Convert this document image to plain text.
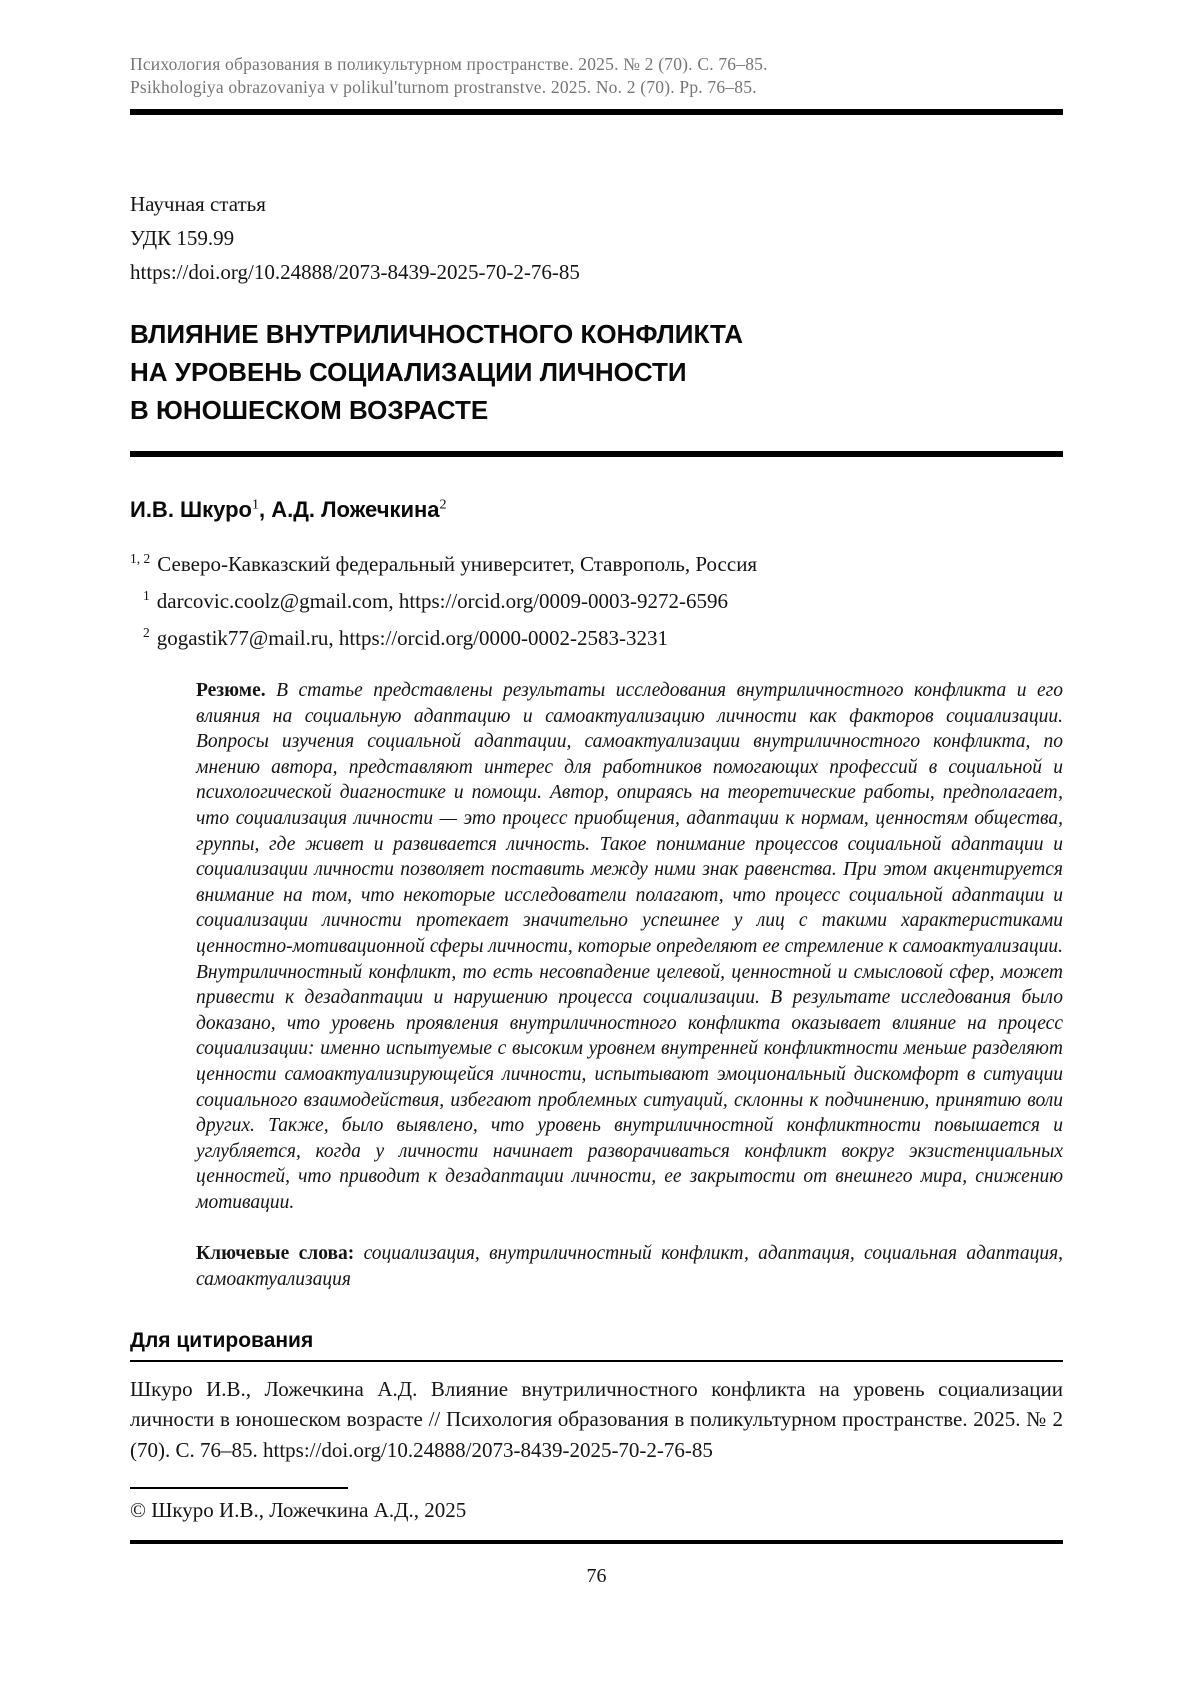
Психология образования в поликультурном пространстве. 2025. № 2 (70). С. 76–85.
Psikhologiya obrazovaniya v polikul'turnom prostranstve. 2025. No. 2 (70). Pp. 76–85.
Научная статья
УДК 159.99
https://doi.org/10.24888/2073-8439-2025-70-2-76-85
ВЛИЯНИЕ ВНУТРИЛИЧНОСТНОГО КОНФЛИКТА
НА УРОВЕНЬ СОЦИАЛИЗАЦИИ ЛИЧНОСТИ
В ЮНОШЕСКОМ ВОЗРАСТЕ
И.В. Шкуро$^1$, А.Д. Ложечкина$^2$
$^{1, 2}$ Северо-Кавказский федеральный университет, Ставрополь, Россия
$^1$ darcovic.coolz@gmail.com, https://orcid.org/0009-0003-9272-6596
$^2$ gogastik77@mail.ru, https://orcid.org/0000-0002-2583-3231
Резюме. В статье представлены результаты исследования внутриличностного конфликта и его влияния на социальную адаптацию и самоактуализацию личности как факторов социализации. Вопросы изучения социальной адаптации, самоактуализации внутриличностного конфликта, по мнению автора, представляют интерес для работников помогающих профессий в социальной и психологической диагностике и помощи. Автор, опираясь на теоретические работы, предполагает, что социализация личности — это процесс приобщения, адаптации к нормам, ценностям общества, группы, где живет и развивается личность. Такое понимание процессов социальной адаптации и социализации личности позволяет поставить между ними знак равенства. При этом акцентируется внимание на том, что некоторые исследователи полагают, что процесс социальной адаптации и социализации личности протекает значительно успешнее у лиц с такими характеристиками ценностно-мотивационной сферы личности, которые определяют ее стремление к самоактуализации. Внутриличностный конфликт, то есть несовпадение целевой, ценностной и смысловой сфер, может привести к дезадаптации и нарушению процесса социализации. В результате исследования было доказано, что уровень проявления внутриличностного конфликта оказывает влияние на процесс социализации: именно испытуемые с высоким уровнем внутренней конфликтности меньше разделяют ценности самоактуализирующейся личности, испытывают эмоциональный дискомфорт в ситуации социального взаимодействия, избегают проблемных ситуаций, склонны к подчинению, принятию воли других. Также, было выявлено, что уровень внутриличностной конфликтности повышается и углубляется, когда у личности начинает разворачиваться конфликт вокруг экзистенциальных ценностей, что приводит к дезадаптации личности, ее закрытости от внешнего мира, снижению мотивации.
Ключевые слова: социализация, внутриличностный конфликт, адаптация, социальная адаптация, самоактуализация
Для цитирования
Шкуро И.В., Ложечкина А.Д. Влияние внутриличностного конфликта на уровень социализации личности в юношеском возрасте // Психология образования в поликультурном пространстве. 2025. № 2 (70). С. 76–85. https://doi.org/10.24888/2073-8439-2025-70-2-76-85
© Шкуро И.В., Ложечкина А.Д., 2025
76
